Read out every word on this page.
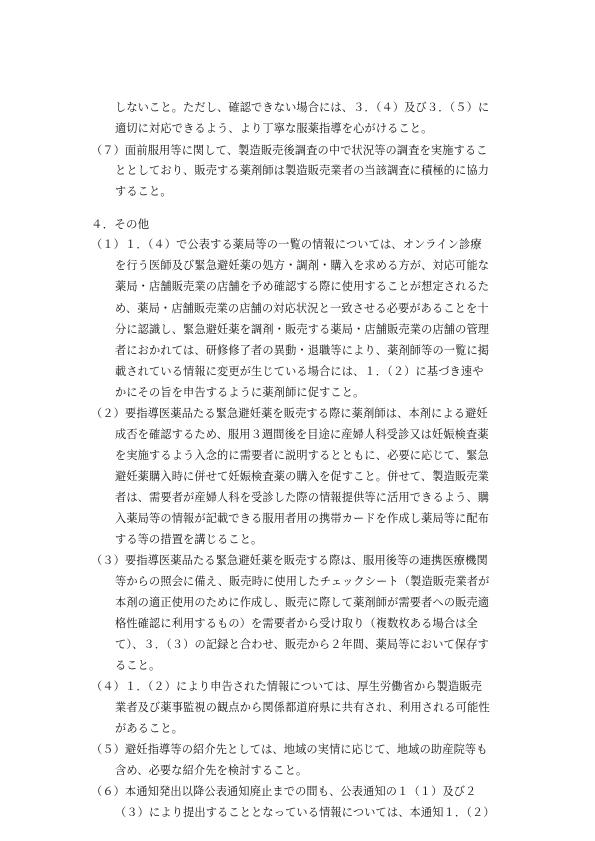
しないこと。ただし、確認できない場合には、３．（４）及び３．（５）に
適切に対応できるよう、より丁寧な服薬指導を心がけること。
（７）面前服用等に関して、製造販売後調査の中で状況等の調査を実施するこ
ととしており、販売する薬剤師は製造販売業者の当該調査に積極的に協力
すること。
４．その他
（１）１．（４）で公表する薬局等の一覧の情報については、オンライン診療
を行う医師及び緊急避妊薬の処方・調剤・購入を求める方が、対応可能な
薬局・店舗販売業の店舗を予め確認する際に使用することが想定されるた
め、薬局・店舗販売業の店舗の対応状況と一致させる必要があることを十
分に認識し、緊急避妊薬を調剤・販売する薬局・店舗販売業の店舗の管理
者におかれては、研修修了者の異動・退職等により、薬剤師等の一覧に掲
載されている情報に変更が生じている場合には、１．（２）に基づき速や
かにその旨を申告するように薬剤師に促すこと。
（２）要指導医薬品たる緊急避妊薬を販売する際に薬剤師は、本剤による避妊
成否を確認するため、服用３週間後を目途に産婦人科受診又は妊娠検査薬
を実施するよう入念的に需要者に説明するとともに、必要に応じて、緊急
避妊薬購入時に併せて妊娠検査薬の購入を促すこと。併せて、製造販売業
者は、需要者が産婦人科を受診した際の情報提供等に活用できるよう、購
入薬局等の情報が記載できる服用者用の携帯カードを作成し薬局等に配布
する等の措置を講じること。
（３）要指導医薬品たる緊急避妊薬を販売する際は、服用後等の連携医療機関
等からの照会に備え、販売時に使用したチェックシート（製造販売業者が
本剤の適正使用のために作成し、販売に際して薬剤師が需要者への販売適
格性確認に利用するもの）を需要者から受け取り（複数枚ある場合は全
て）、３．（３）の記録と合わせ、販売から２年間、薬局等において保存す
ること。
（４）１．（２）により申告された情報については、厚生労働省から製造販売
業者及び薬事監視の観点から関係都道府県に共有され、利用される可能性
があること。
（５）避妊指導等の紹介先としては、地域の実情に応じて、地域の助産院等も
含め、必要な紹介先を検討すること。
（６）本通知発出以降公表通知廃止までの間も、公表通知の１（１）及び２
（３）により提出することとなっている情報については、本通知１．（２）
